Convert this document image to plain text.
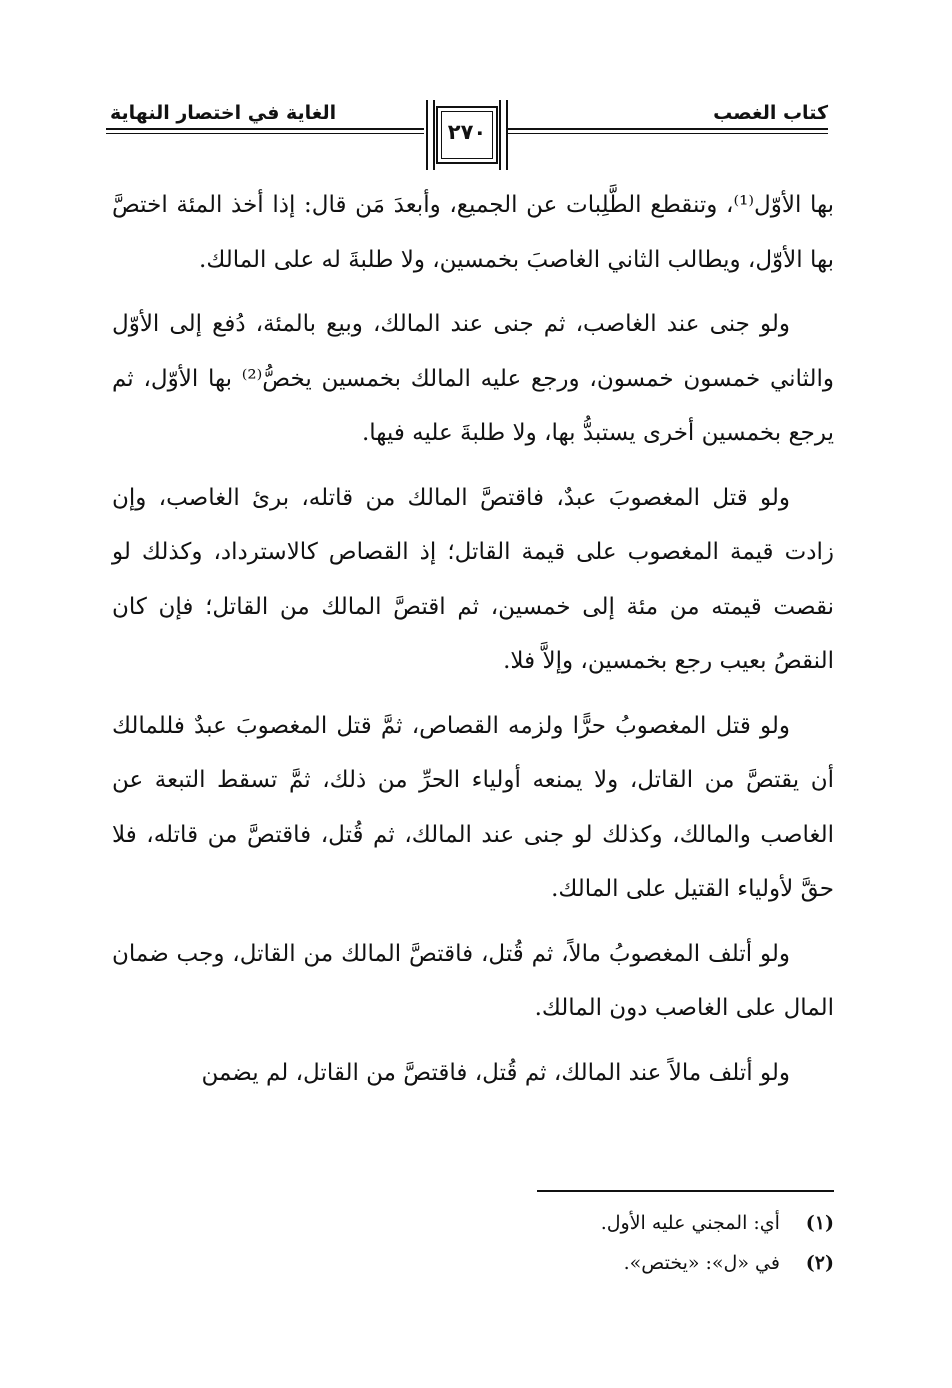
كتاب الغصب
الغاية في اختصار النهاية
٢٧٠

بها الأوّل⁽¹⁾، وتنقطع الطَّلِبات عن الجميع، وأبعدَ مَن قال: إذا أخذ المئة اختصَّ بها الأوّل، ويطالب الثاني الغاصبَ بخمسين، ولا طلبةَ له على المالك.

ولو جنى عند الغاصب، ثم جنى عند المالك، وبيع بالمئة، دُفع إلى الأوّل والثاني خمسون خمسون، ورجع عليه المالك بخمسين يخصُّ⁽²⁾ بها الأوّل، ثم يرجع بخمسين أخرى يستبدُّ بها، ولا طلبةَ عليه فيها.

ولو قتل المغصوبَ عبدٌ، فاقتصَّ المالك من قاتله، برئ الغاصب، وإن زادت قيمة المغصوب على قيمة القاتل؛ إذ القصاص كالاسترداد، وكذلك لو نقصت قيمته من مئة إلى خمسين، ثم اقتصَّ المالك من القاتل؛ فإن كان النقصُ بعيب رجع بخمسين، وإلاَّ فلا.

ولو قتل المغصوبُ حرًّا ولزمه القصاص، ثمَّ قتل المغصوبَ عبدٌ فللمالك أن يقتصَّ من القاتل، ولا يمنعه أولياء الحرِّ من ذلك، ثمَّ تسقط التبعة عن الغاصب والمالك، وكذلك لو جنى عند المالك، ثم قُتل، فاقتصَّ من قاتله، فلا حقَّ لأولياء القتيل على المالك.

ولو أتلف المغصوبُ مالاً، ثم قُتل، فاقتصَّ المالك من القاتل، وجب ضمان المال على الغاصب دون المالك.

ولو أتلف مالاً عند المالك، ثم قُتل، فاقتصَّ من القاتل، لم يضمن

(١) أي: المجني عليه الأول.
(٢) في «ل»: «يختص».
